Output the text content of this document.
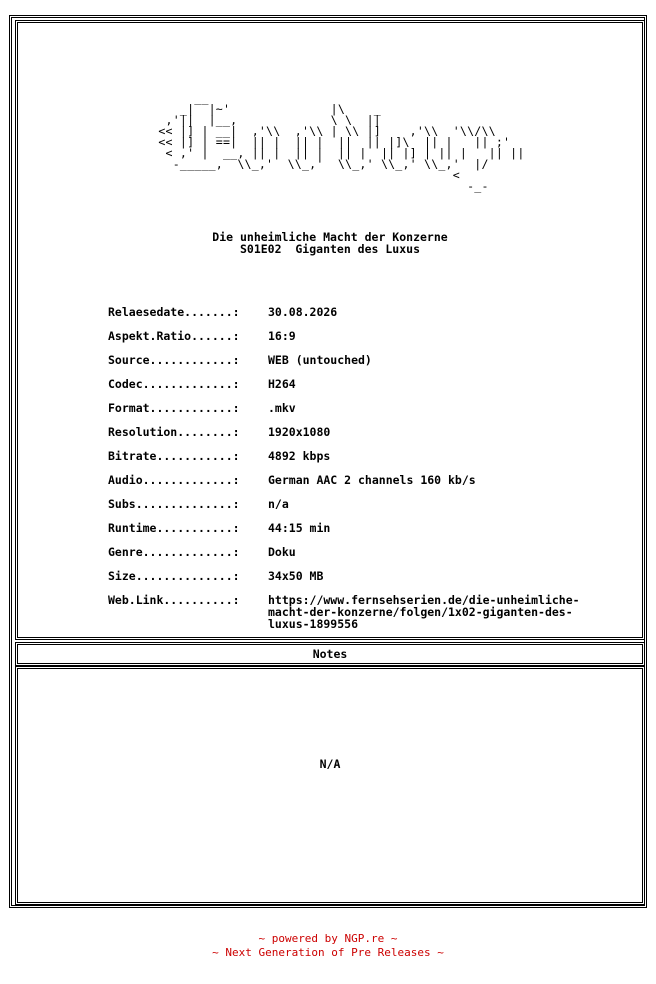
__
_|  |~'              |\    _
,'||  |__,             \ \  ||
<< |] | __|  ,'\\  ,'\\ | \\ |]    ,'\\  '\\/\\
<< |] | ==|  || |  || |  ||  || |]\  || |   || ;'
< ,' |  __, || |  || |  || |  || |] | || |   || ||
-_____,  \\_,'  \\_,'  \\_,' \\_,' \\_,'  |/
<
-_-
Die unheimliche Macht der Konzerne
S01E02  Giganten des Luxus
Relaesedate.......:	30.08.2026
Aspekt.Ratio......:	16:9
Source............:	WEB (untouched)
Codec.............:	H264
Format............:	.mkv
Resolution........:	1920x1080
Bitrate...........:	4892 kbps
Audio.............:	German AAC 2 channels 160 kb/s
Subs..............:	n/a
Runtime...........:	44:15 min
Genre.............:	Doku
Size..............:	34x50 MB
Web.Link..........:	https://www.fernsehserien.de/die-unheimliche-
macht-der-konzerne/folgen/1x02-giganten-des-
luxus-1899556
Notes
N/A
~ powered by NGP.re ~
~ Next Generation of Pre Releases ~
